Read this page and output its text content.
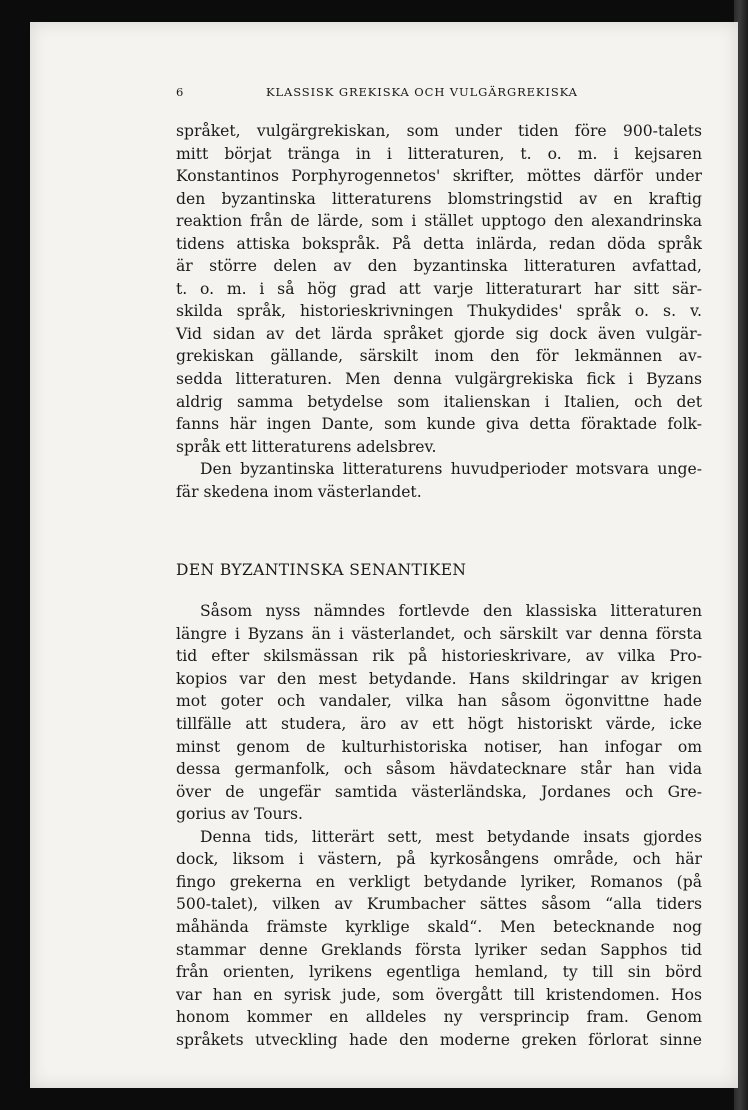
6	KLASSISK GREKISKA OCH VULGÄRGREKISKA
språket, vulgärgrekiskan, som under tiden före 900-talets
mitt börjat tränga in i litteraturen, t. o. m. i kejsaren
Konstantinos Porphyrogennetos' skrifter, möttes därför under
den byzantinska litteraturens blomstringstid av en kraftig
reaktion från de lärde, som i stället upptogo den alexandrinska
tidens attiska bokspråk. På detta inlärda, redan döda språk
är större delen av den byzantinska litteraturen avfattad,
t. o. m. i så hög grad att varje litteraturart har sitt sär-
skilda språk, historieskrivningen Thukydides' språk o. s. v.
Vid sidan av det lärda språket gjorde sig dock även vulgär-
grekiskan gällande, särskilt inom den för lekmännen av-
sedda litteraturen. Men denna vulgärgrekiska fick i Byzans
aldrig samma betydelse som italienskan i Italien, och det
fanns här ingen Dante, som kunde giva detta föraktade folk-
språk ett litteraturens adelsbrev.
Den byzantinska litteraturens huvudperioder motsvara unge-
fär skedena inom västerlandet.
DEN BYZANTINSKA SENANTIKEN
Såsom nyss nämndes fortlevde den klassiska litteraturen
längre i Byzans än i västerlandet, och särskilt var denna första
tid efter skilsmässan rik på historieskrivare, av vilka Pro-
kopios var den mest betydande. Hans skildringar av krigen
mot goter och vandaler, vilka han såsom ögonvittne hade
tillfälle att studera, äro av ett högt historiskt värde, icke
minst genom de kulturhistoriska notiser, han infogar om
dessa germanfolk, och såsom hävdatecknare står han vida
över de ungefär samtida västerländska, Jordanes och Gre-
gorius av Tours.
Denna tids, litterärt sett, mest betydande insats gjordes
dock, liksom i västern, på kyrkosångens område, och här
fingo grekerna en verkligt betydande lyriker, Romanos (på
500-talet), vilken av Krumbacher sättes såsom “alla tiders
måhända främste kyrklige skald“. Men betecknande nog
stammar denne Greklands första lyriker sedan Sapphos tid
från orienten, lyrikens egentliga hemland, ty till sin börd
var han en syrisk jude, som övergått till kristendomen. Hos
honom kommer en alldeles ny versprincip fram. Genom
språkets utveckling hade den moderne greken förlorat sinne
